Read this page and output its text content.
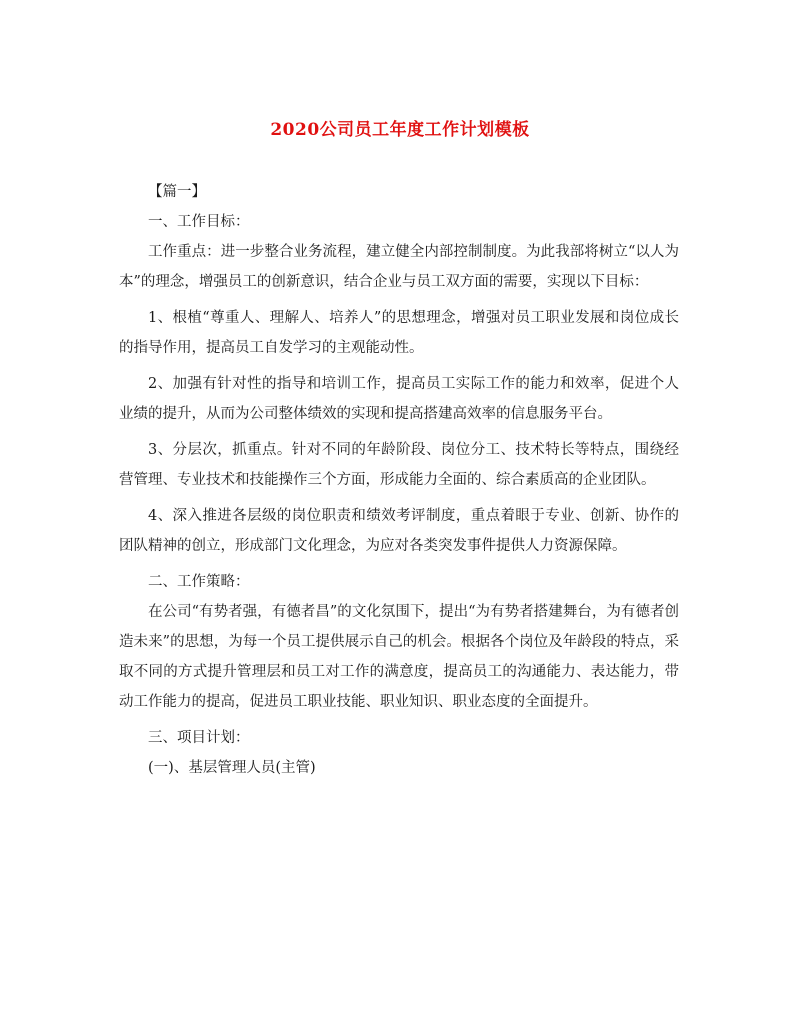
2020公司员工年度工作计划模板

【篇一】

一、工作目标：

工作重点：进一步整合业务流程，建立健全内部控制制度。为此我部将树立“以人为本”的理念，增强员工的创新意识，结合企业与员工双方面的需要，实现以下目标：

1、根植“尊重人、理解人、培养人”的思想理念，增强对员工职业发展和岗位成长的指导作用，提高员工自发学习的主观能动性。

2、加强有针对性的指导和培训工作，提高员工实际工作的能力和效率，促进个人业绩的提升，从而为公司整体绩效的实现和提高搭建高效率的信息服务平台。

3、分层次，抓重点。针对不同的年龄阶段、岗位分工、技术特长等特点，围绕经营管理、专业技术和技能操作三个方面，形成能力全面的、综合素质高的企业团队。

4、深入推进各层级的岗位职责和绩效考评制度，重点着眼于专业、创新、协作的团队精神的创立，形成部门文化理念，为应对各类突发事件提供人力资源保障。

二、工作策略：

在公司“有势者强，有德者昌”的文化氛围下，提出“为有势者搭建舞台，为有德者创造未来”的思想，为每一个员工提供展示自己的机会。根据各个岗位及年龄段的特点，采取不同的方式提升管理层和员工对工作的满意度，提高员工的沟通能力、表达能力，带动工作能力的提高，促进员工职业技能、职业知识、职业态度的全面提升。

三、项目计划：

(一)、基层管理人员(主管)
